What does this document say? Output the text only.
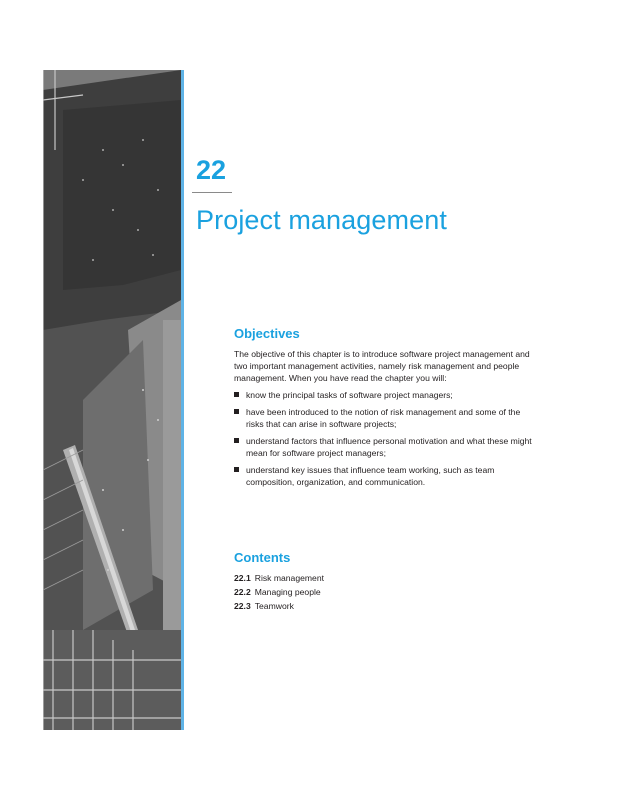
22
Project management
Objectives

The objective of this chapter is to introduce software project management and two important management activities, namely risk management and people management. When you have read the chapter you will:

know the principal tasks of software project managers;
have been introduced to the notion of risk management and some of the risks that can arise in software projects;
understand factors that influence personal motivation and what these might mean for software project managers;
understand key issues that influence team working, such as team composition, organization, and communication.
Contents
22.1 Risk management
22.2 Managing people
22.3 Teamwork
